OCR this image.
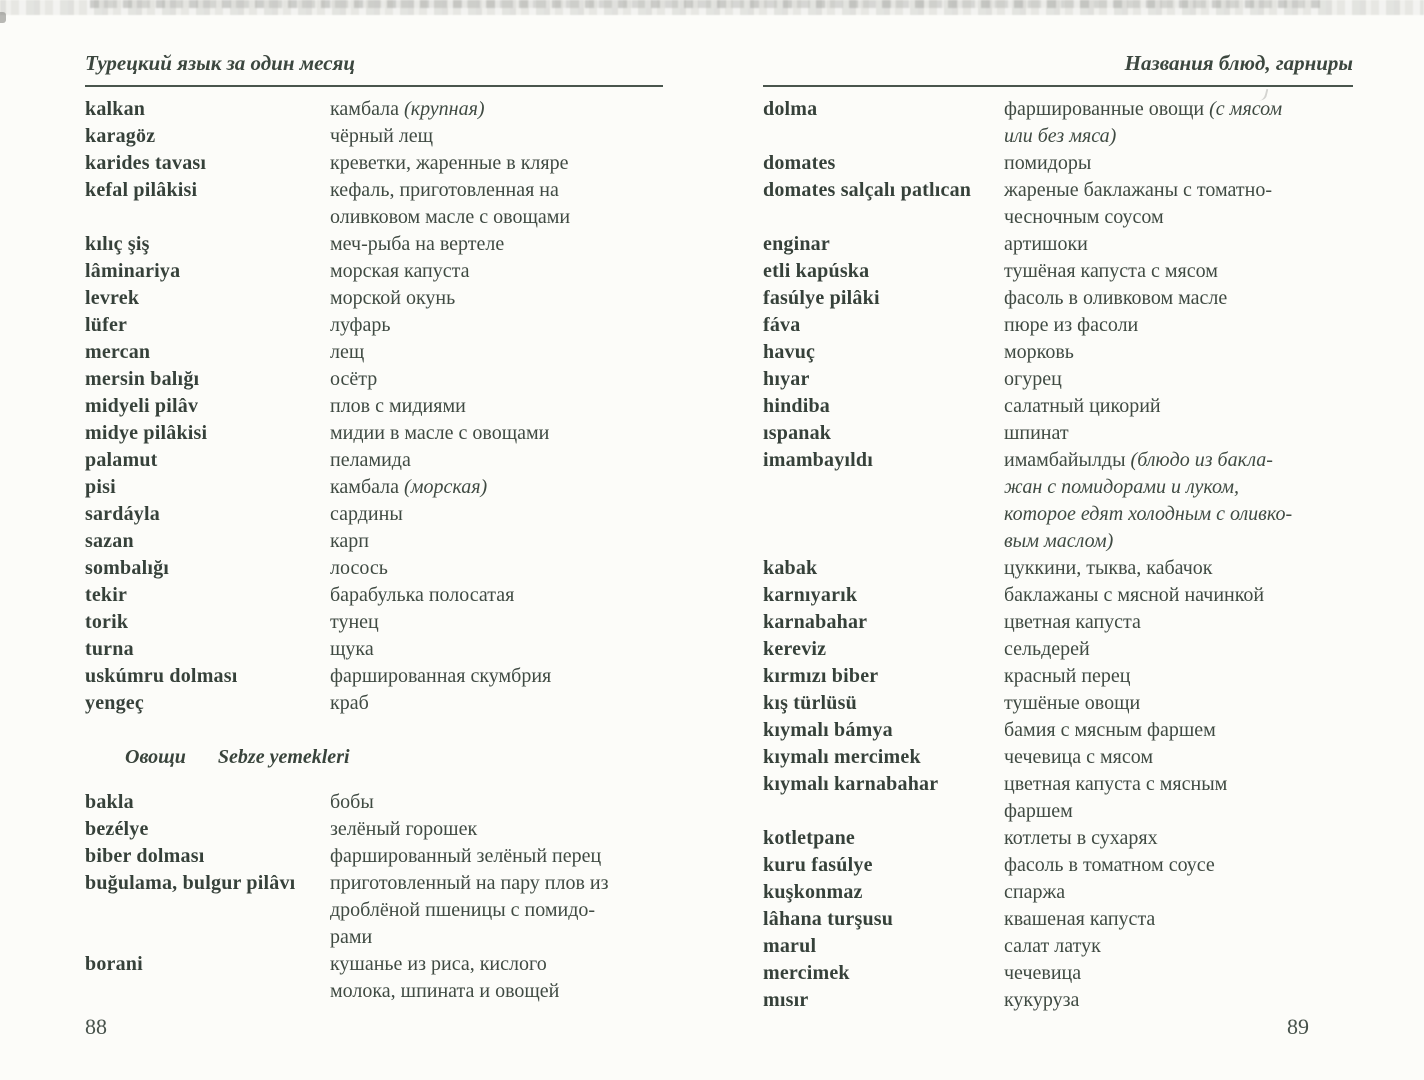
Турецкий язык за один месяц
kalkan	камбала (крупная)
karagöz	чёрный лещ
karides tavası	креветки, жаренные в кляре
kefal pilâkisi	кефаль, приготовленная на
оливковом масле с овощами
kılıç şiş	меч-рыба на вертеле
lâminariya	морская капуста
levrek	морской окунь
lüfer	луфарь
mercan	лещ
mersin balığı	осётр
midyeli pilâv	плов с мидиями
midye pilâkisi	мидии в масле с овощами
palamut	пеламида
pisi	камбала (морская)
sardáyla	сардины
sazan	карп
sombalığı	лосось
tekir	барабулька полосатая
torik	тунец
turna	щука
uskúmru dolması	фаршированная скумбрия
yengeç	краб
Овощи Sebze yemekleri
bakla	бобы
bezélye	зелёный горошек
biber dolması	фаршированный зелёный перец
buğulama, bulgur pilâvı	приготовленный на пару плов из
дроблёной пшеницы с помидо-
рами
borani	кушанье из риса, кислого
молока, шпината и овощей
Названия блюд, гарниры
dolma	фаршированные овощи (с мясом
или без мяса)
domates	помидоры
domates salçalı patlıcan	жареные баклажаны с томатно-
чесночным соусом
enginar	артишоки
etli kapúska	тушёная капуста с мясом
fasúlye pilâki	фасоль в оливковом масле
fáva	пюре из фасоли
havuç	морковь
hıyar	огурец
hindiba	салатный цикорий
ıspanak	шпинат
imambayıldı	имамбайылды (блюдо из бакла-
жан с помидорами и луком,
которое едят холодным с оливко-
вым маслом)
kabak	цуккини, тыква, кабачок
karnıyarık	баклажаны с мясной начинкой
karnabahar	цветная капуста
kereviz	сельдерей
kırmızı biber	красный перец
kış türlüsü	тушёные овощи
kıymalı bámya	бамия с мясным фаршем
kıymalı mercimek	чечевица с мясом
kıymalı karnabahar	цветная капуста с мясным
фаршем
kotletpane	котлеты в сухарях
kuru fasúlye	фасоль в томатном соусе
kuşkonmaz	спаржа
lâhana turşusu	квашеная капуста
marul	салат латук
mercimek	чечевица
mısır	кукуруза
88	89
